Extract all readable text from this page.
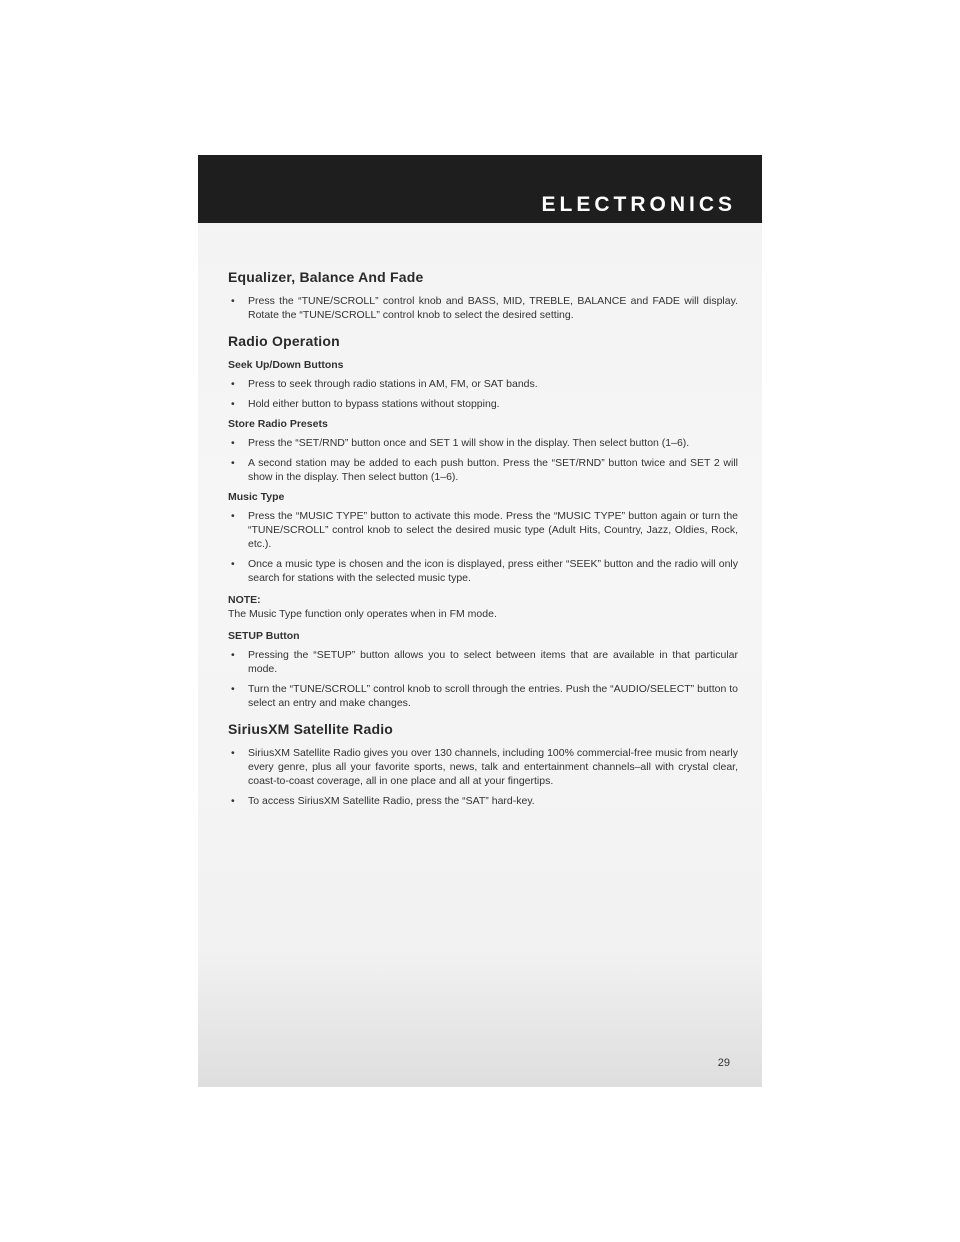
ELECTRONICS
Equalizer, Balance And Fade
• Press the “TUNE/SCROLL” control knob and BASS, MID, TREBLE, BALANCE and FADE will display. Rotate the “TUNE/SCROLL” control knob to select the desired setting.
Radio Operation
Seek Up/Down Buttons
• Press to seek through radio stations in AM, FM, or SAT bands.
• Hold either button to bypass stations without stopping.
Store Radio Presets
• Press the “SET/RND” button once and SET 1 will show in the display. Then select button (1–6).
• A second station may be added to each push button. Press the “SET/RND” button twice and SET 2 will show in the display. Then select button (1–6).
Music Type
• Press the “MUSIC TYPE” button to activate this mode. Press the “MUSIC TYPE” button again or turn the “TUNE/SCROLL” control knob to select the desired music type (Adult Hits, Country, Jazz, Oldies, Rock, etc.).
• Once a music type is chosen and the icon is displayed, press either “SEEK” button and the radio will only search for stations with the selected music type.
NOTE:

The Music Type function only operates when in FM mode.

SETUP Button
• Pressing the “SETUP” button allows you to select between items that are available in that particular mode.
• Turn the “TUNE/SCROLL” control knob to scroll through the entries. Push the “AUDIO/SELECT” button to select an entry and make changes.
SiriusXM Satellite Radio
• SiriusXM Satellite Radio gives you over 130 channels, including 100% commercial-free music from nearly every genre, plus all your favorite sports, news, talk and entertainment channels–all with crystal clear, coast-to-coast coverage, all in one place and all at your fingertips.
• To access SiriusXM Satellite Radio, press the “SAT” hard-key.

29
